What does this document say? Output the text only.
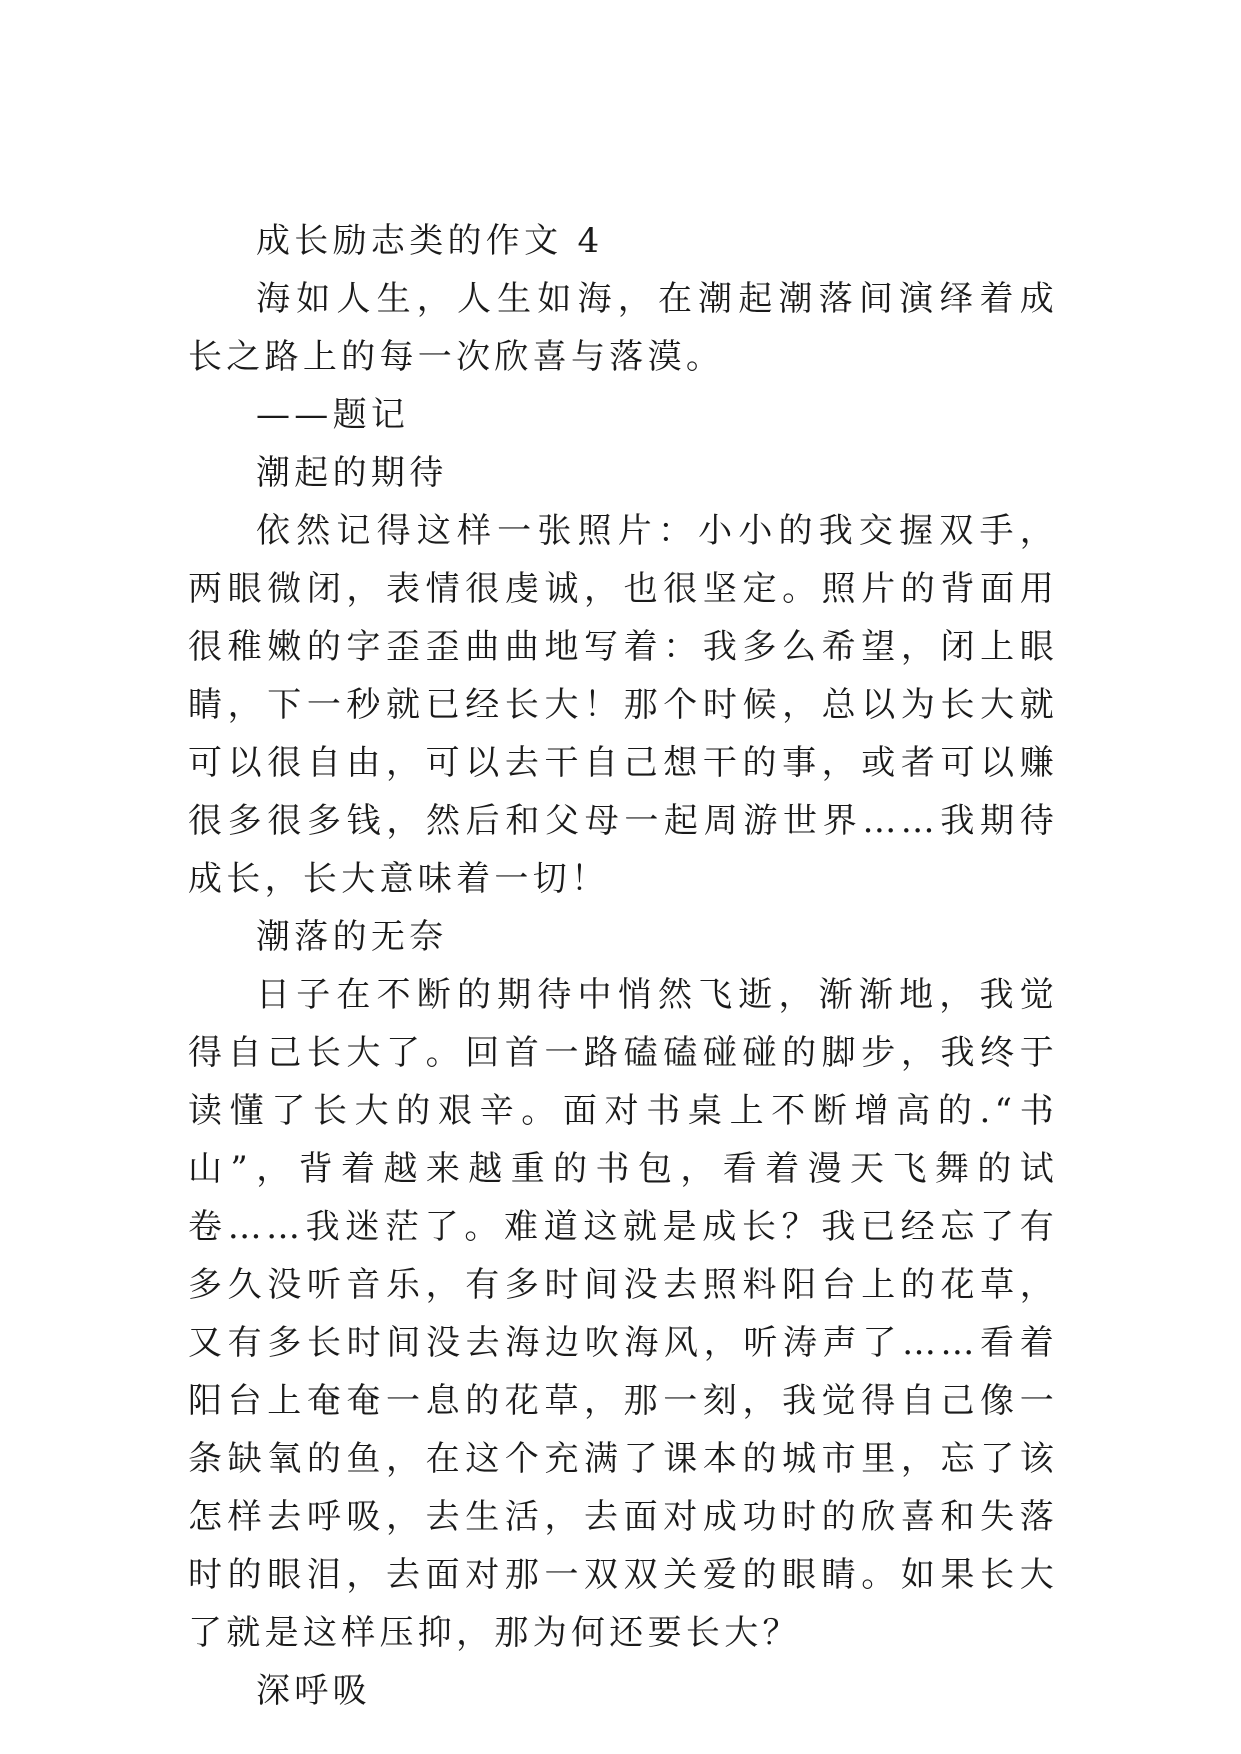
成长励志类的作文 4

海如人生，人生如海，在潮起潮落间演绎着成长之路上的每一次欣喜与落漠。

——题记

潮起的期待

依然记得这样一张照片：小小的我交握双手，两眼微闭，表情很虔诚，也很坚定。照片的背面用很稚嫩的字歪歪曲曲地写着：我多么希望，闭上眼睛，下一秒就已经长大！那个时候，总以为长大就可以很自由，可以去干自己想干的事，或者可以赚很多很多钱，然后和父母一起周游世界……我期待成长，长大意味着一切！

潮落的无奈

日子在不断的期待中悄然飞逝，渐渐地，我觉得自己长大了。回首一路磕磕碰碰的脚步，我终于读懂了长大的艰辛。面对书桌上不断增高的.“书山”，背着越来越重的书包，看着漫天飞舞的试卷……我迷茫了。难道这就是成长？我已经忘了有多久没听音乐，有多时间没去照料阳台上的花草，又有多长时间没去海边吹海风，听涛声了……看着阳台上奄奄一息的花草，那一刻，我觉得自己像一条缺氧的鱼，在这个充满了课本的城市里，忘了该怎样去呼吸，去生活，去面对成功时的欣喜和失落时的眼泪，去面对那一双双关爱的眼睛。如果长大了就是这样压抑，那为何还要长大？

深呼吸
